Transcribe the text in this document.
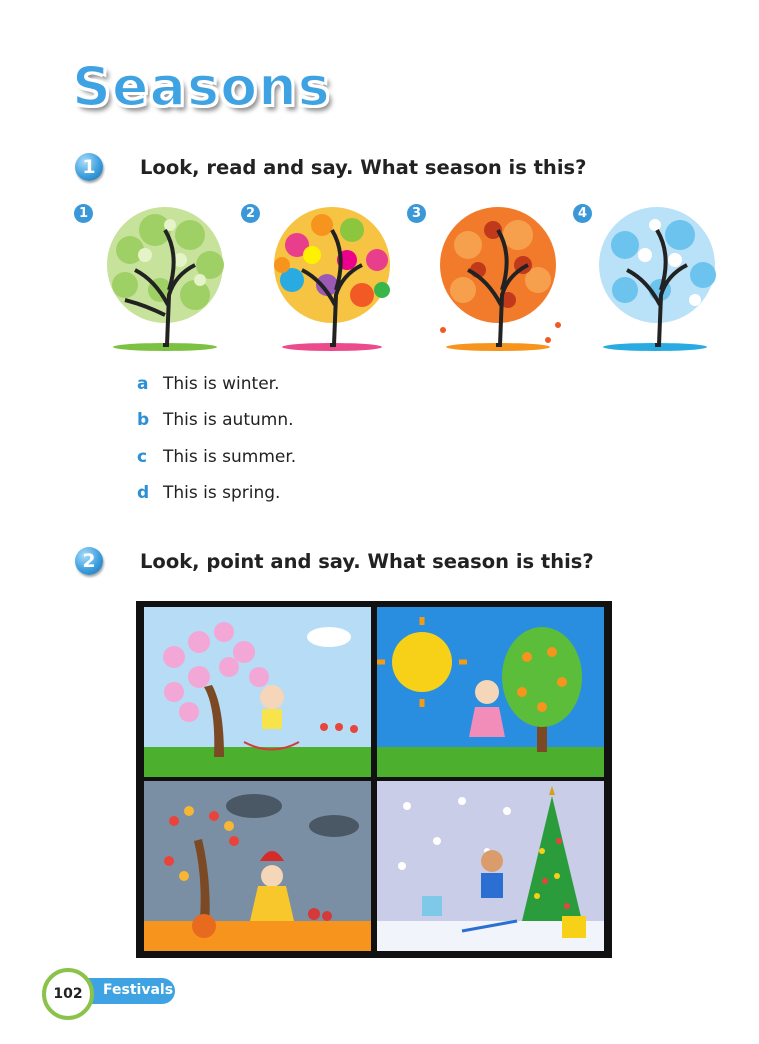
Seasons
1	Look, read and say. What season is this?
1	2	3	4
a This is winter.
b This is autumn.
c This is summer.
d This is spring.
2	Look, point and say. What season is this?
Festivals
102
